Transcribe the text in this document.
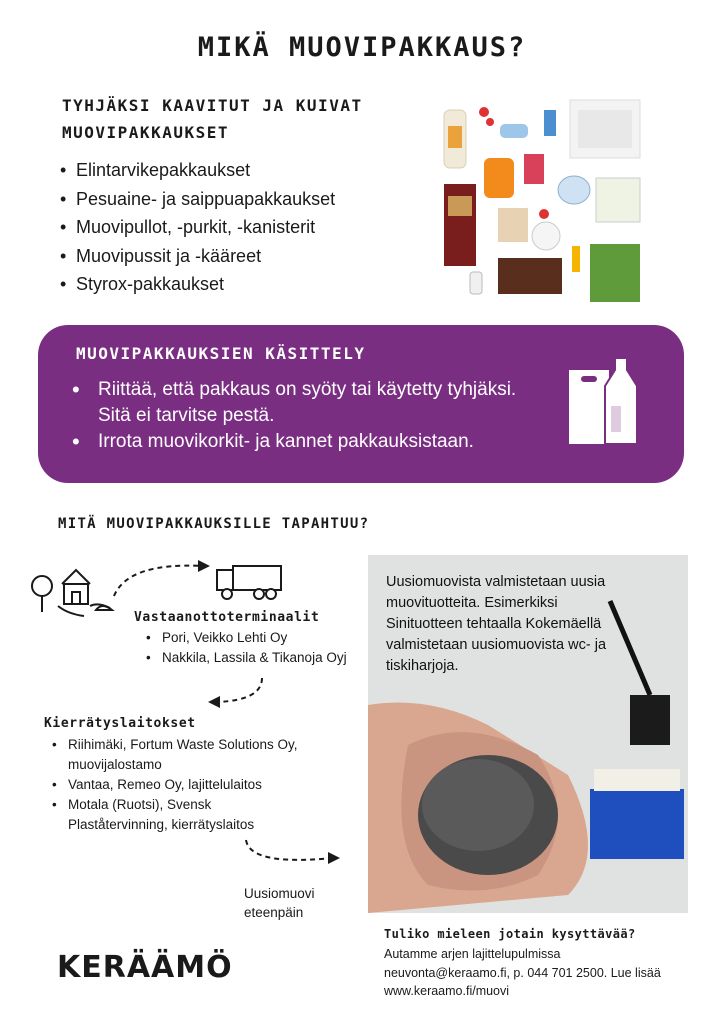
MIKÄ MUOVIPAKKAUS?
TYHJÄKSI KAAVITUT JA KUIVAT
MUOVIPAKKAUKSET
• Elintarvikepakkaukset
• Pesuaine- ja saippuapakkaukset
• Muovipullot, -purkit, -kanisterit
• Muovipussit ja -kääreet
• Styrox-pakkaukset
MUOVIPAKKAUKSIEN KÄSITTELY
• Riittää, että pakkaus on syöty tai käytetty tyhjäksi. Sitä ei tarvitse pestä.
• Irrota muovikorkit- ja kannet pakkauksistaan.
MITÄ MUOVIPAKKAUKSILLE TAPAHTUU?
Vastaanottoterminaalit
• Pori, Veikko Lehti Oy
• Nakkila, Lassila & Tikanoja Oyj
Kierrätyslaitokset
• Riihimäki, Fortum Waste Solutions Oy, muovijalostamo
• Vantaa, Remeo Oy, lajittelulaitos
• Motala (Ruotsi), Svensk Plaståtervinning, kierrätyslaitos
Uusiomuovi eteenpäin
Uusiomuovista valmistetaan uusia muovituotteita. Esimerkiksi Sinituotteen tehtaalla Kokemäellä valmistetaan uusiomuovista wc- ja tiskiharjoja.
Tuliko mieleen jotain kysyttävää?
Autamme arjen lajittelupulmissa
neuvonta@keraamo.fi, p. 044 701 2500. Lue lisää
www.keraamo.fi/muovi
KERÄÄMÖ
